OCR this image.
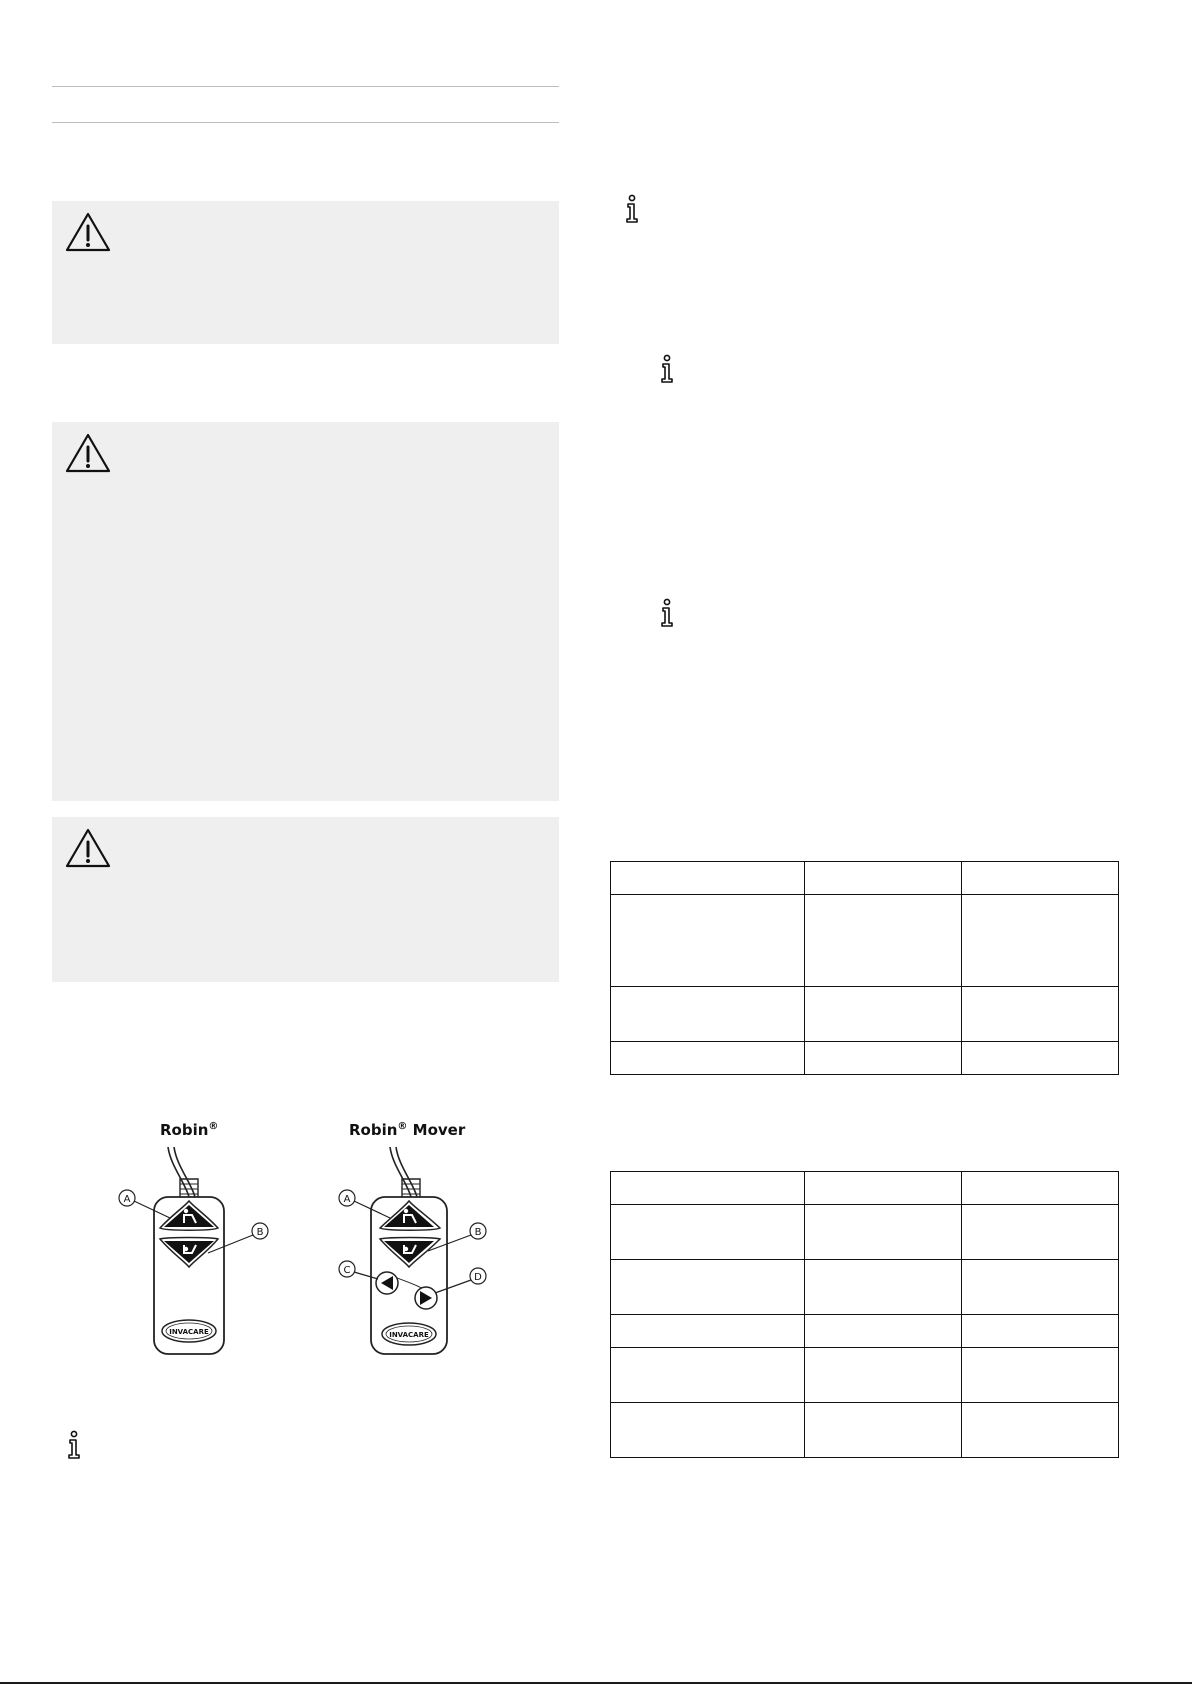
Robin®	Robin® Mover
INVACARE
A
B
INVACARE
A
B
C
D
